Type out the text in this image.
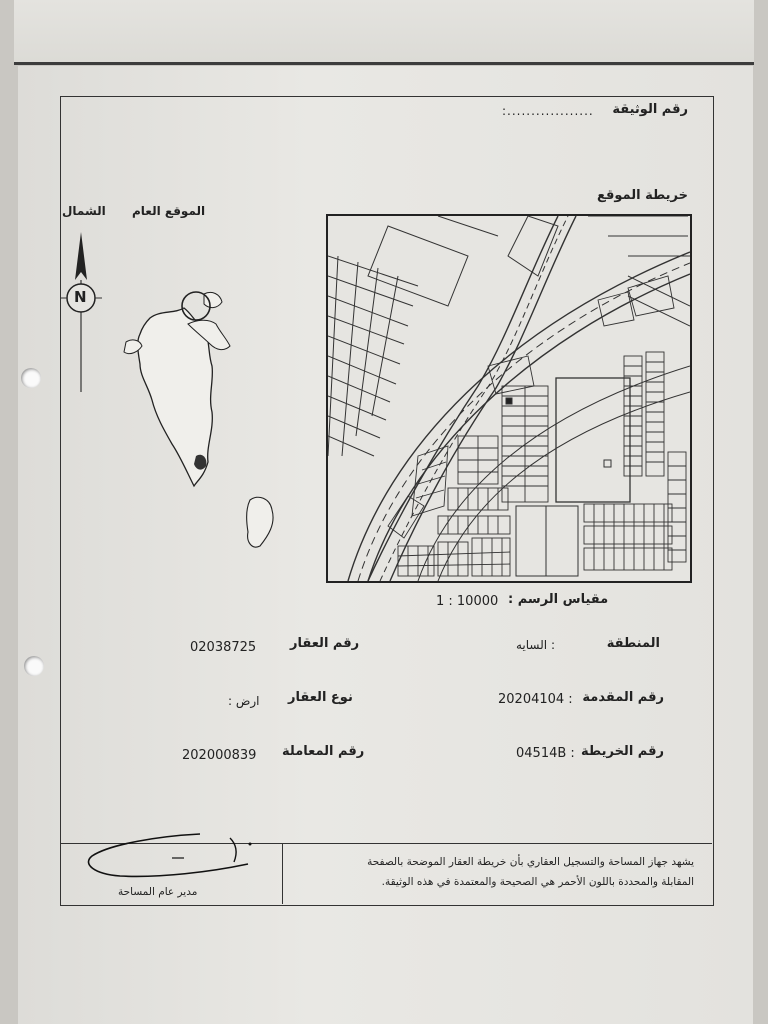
رقم الوثيقة
:..................
خريطة الموقع
الموقع العام
الشمال
N
مقياس الرسم :
1 : 10000
المنطقة
: السايه
رقم العقار
02038725
رقم المقدمة
20204104 :
نوع العقار
ارض :
رقم الخريطة
04514B :
رقم المعاملة
202000839
يشهد جهاز المساحة والتسجيل العقاري بأن خريطة العقار الموضحة بالصفحة
المقابلة والمحددة باللون الأحمر هي الصحيحة والمعتمدة في هذه الوثيقة.
مدير عام المساحة
